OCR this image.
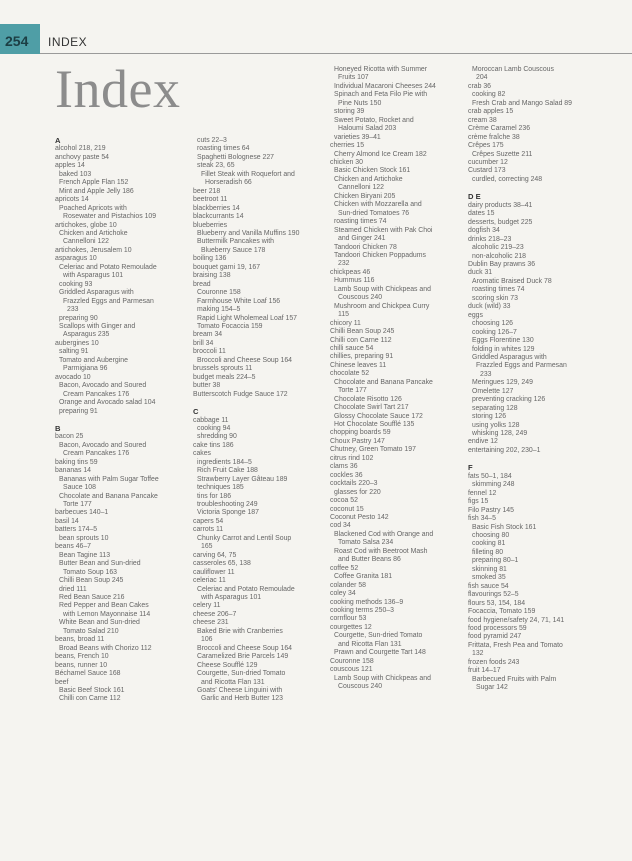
254 INDEX
Index
A
alcohol 218, 219
anchovy paste 54
apples 14
baked 103
French Apple Flan 152
Mint and Apple Jelly 186
apricots 14
Poached Apricots with
Rosewater and Pistachios 109
artichokes, globe 10
Chicken and Artichoke
Cannelloni 122
artichokes, Jerusalem 10
asparagus 10
Celeriac and Potato Remoulade
with Asparagus 101
cooking 93
Griddled Asparagus with
Frazzled Eggs and Parmesan
233
preparing 90
Scallops with Ginger and
Asparagus 235
aubergines 10
salting 91
Tomato and Aubergine
Parmigiana 96
avocado 10
Bacon, Avocado and Soured
Cream Pancakes 176
Orange and Avocado salad 104
preparing 91
B
bacon 25
Bacon, Avocado and Soured
Cream Pancakes 176
baking tins 59
bananas 14
Bananas with Palm Sugar Toffee
Sauce 108
Chocolate and Banana Pancake
Torte 177
barbecues 140–1
basil 14
batters 174–5
bean sprouts 10
beans 46–7
Bean Tagine 113
Butter Bean and Sun-dried
Tomato Soup 163
Chilli Bean Soup 245
dried 111
Red Bean Sauce 216
Red Pepper and Bean Cakes
with Lemon Mayonnaise 114
White Bean and Sun-dried
Tomato Salad 210
beans, broad 11
Broad Beans with Chorizo 112
beans, French 10
beans, runner 10
Béchamel Sauce 168
beef
Basic Beef Stock 161
Chilli con Carne 112
cuts 22–3
roasting times 64
Spaghetti Bolognese 227
steak 23, 65
Fillet Steak with Roquefort and
Horseradish 66
beer 218
beetroot 11
blackberries 14
blackcurrants 14
blueberries
Blueberry and Vanilla Muffins 190
Buttermilk Pancakes with
Blueberry Sauce 178
boiling 136
bouquet garni 19, 167
braising 138
bread
Couronne 158
Farmhouse White Loaf 156
making 154–5
Rapid Light Wholemeal Loaf 157
Tomato Focaccia 159
bream 34
brill 34
broccoli 11
Broccoli and Cheese Soup 164
brussels sprouts 11
budget meals 224–5
butter 38
Butterscotch Fudge Sauce 172
C
cabbage 11
cooking 94
shredding 90
cake tins 186
cakes
ingredients 184–5
Rich Fruit Cake 188
Strawberry Layer Gâteau 189
techniques 185
tins for 186
troubleshooting 249
Victoria Sponge 187
capers 54
carrots 11
Chunky Carrot and Lentil Soup
165
carving 64, 75
casseroles 65, 138
cauliflower 11
celeriac 11
Celeriac and Potato Remoulade
with Asparagus 101
celery 11
cheese 206–7
cheese 231
Baked Brie with Cranberries
106
Broccoli and Cheese Soup 164
Caramelized Brie Parcels 149
Cheese Soufflé 129
Courgette, Sun-dried Tomato
and Ricotta Flan 131
Goats' Cheese Linguini with
Garlic and Herb Butter 123
Honeyed Ricotta with Summer
Fruits 107
Individual Macaroni Cheeses 244
Spinach and Feta Filo Pie with
Pine Nuts 150
storing 39
Sweet Potato, Rocket and
Haloumi Salad 203
varieties 39–41
cherries 15
Cherry Almond Ice Cream 182
chicken 30
Basic Chicken Stock 161
Chicken and Artichoke
Cannelloni 122
Chicken Biryani 205
Chicken with Mozzarella and
Sun-dried Tomatoes 76
roasting times 74
Steamed Chicken with Pak Choi
and Ginger 241
Tandoori Chicken 78
Tandoori Chicken Poppadums
232
chickpeas 46
Hummus 116
Lamb Soup with Chickpeas and
Couscous 240
Mushroom and Chickpea Curry
115
chicory 11
Chilli Bean Soup 245
Chilli con Carne 112
chilli sauce 54
chillies, preparing 91
Chinese leaves 11
chocolate 52
Chocolate and Banana Pancake
Torte 177
Chocolate Risotto 126
Chocolate Swirl Tart 217
Glossy Chocolate Sauce 172
Hot Chocolate Soufflé 135
chopping boards 59
Choux Pastry 147
Chutney, Green Tomato 197
citrus rind 102
clams 36
cockles 36
cocktails 220–3
glasses for 220
cocoa 52
coconut 15
Coconut Pesto 142
cod 34
Blackened Cod with Orange and
Tomato Salsa 234
Roast Cod with Beetroot Mash
and Butter Beans 86
coffee 52
Coffee Granita 181
colander 58
coley 34
cooking methods 136–9
cooking terms 250–3
cornflour 53
courgettes 12
Courgette, Sun-dried Tomato
and Ricotta Flan 131
Prawn and Courgette Tart 148
Couronne 158
couscous 121
Lamb Soup with Chickpeas and
Couscous 240
Moroccan Lamb Couscous
204
crab 36
cooking 82
Fresh Crab and Mango Salad 89
crab apples 15
cream 38
Crème Caramel 236
crème fraîche 38
Crêpes 175
Crêpes Suzette 211
cucumber 12
Custard 173
curdled, correcting 248
D E
dairy products 38–41
dates 15
desserts, budget 225
dogfish 34
drinks 218–23
alcoholic 219–23
non-alcoholic 218
Dublin Bay prawns 36
duck 31
Aromatic Braised Duck 78
roasting times 74
scoring skin 73
duck (wild) 33
eggs
choosing 126
cooking 126–7
Eggs Florentine 130
folding in whites 129
Griddled Asparagus with
Frazzled Eggs and Parmesan
233
Meringues 129, 249
Omelette 127
preventing cracking 126
separating 128
storing 126
using yolks 128
whisking 128, 249
endive 12
entertaining 202, 230–1
F
fats 50–1, 184
skimming 248
fennel 12
figs 15
Filo Pastry 145
fish 34–5
Basic Fish Stock 161
choosing 80
cooking 81
filleting 80
preparing 80–1
skinning 81
smoked 35
fish sauce 54
flavourings 52–5
flours 53, 154, 184
Focaccia, Tomato 159
food hygiene/safety 24, 71, 141
food processors 59
food pyramid 247
Frittata, Fresh Pea and Tomato
132
frozen foods 243
fruit 14–17
Barbecued Fruits with Palm
Sugar 142
